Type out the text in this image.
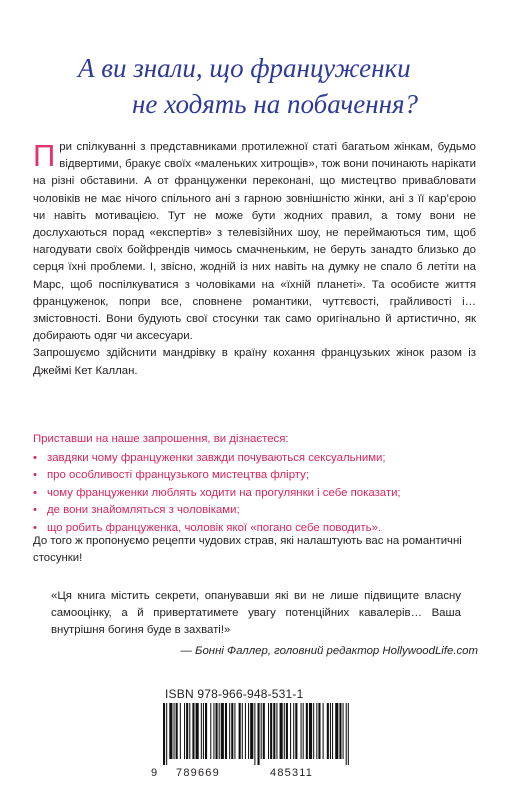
А ви знали, що француженки
не ходять на побачення?

При спілкуванні з представниками протилежної статі багатьом жінкам, будьмо відвертими, бракує своїх «маленьких хитрощів», тож вони починають нарікати на різні обставини. А от француженки переконані, що мистецтво привабловати чоловіків не має нічого спільного ані з гарною зовнішністю жінки, ані з її кар’єрою чи навіть мотивацією. Тут не може бути жодних правил, а тому вони не дослухаються порад «експертів» з телевізійних шоу, не переймаються тим, щоб нагодувати своїх бойфрендів чимось смачненьким, не беруть занадто близько до серця їхні проблеми. І, звісно, жодній із них навіть на думку не спало б летіти на Марс, щоб поспілкуватися з чоловіками на «їхній планеті». Та особисте життя француженок, попри все, сповнене романтики, чуттєвості, грайливості і… змістовності. Вони будують свої стосунки так само оригінально й артистично, як добирають одяг чи аксесуари.

Запрошуємо здійснити мандрівку в країну кохання французьких жінок разом із Джеймі Кет Каллан.

Приставши на наше запрошення, ви дізнаєтеся:

• завдяки чому француженки завжди почуваються сексуальними;
• про особливості французького мистецтва флірту;
• чому француженки люблять ходити на прогулянки і себе показати;
• де вони знайомляться з чоловіками;
• що робить француженка, чоловік якої «погано себе поводить».

До того ж пропонуємо рецепти чудових страв, які налаштують вас на романтичні стосунки!

«Ця книга містить секрети, опанувавши які ви не лише підвищите власну самооцінку, а й привертатимете увагу потенційних кавалерів… Ваша внутрішня богиня буде в захваті!»

— Бонні Фаллер, головний редактор HollywoodLife.com
ISBN 978-966-948-531-1
9 789669	485311
